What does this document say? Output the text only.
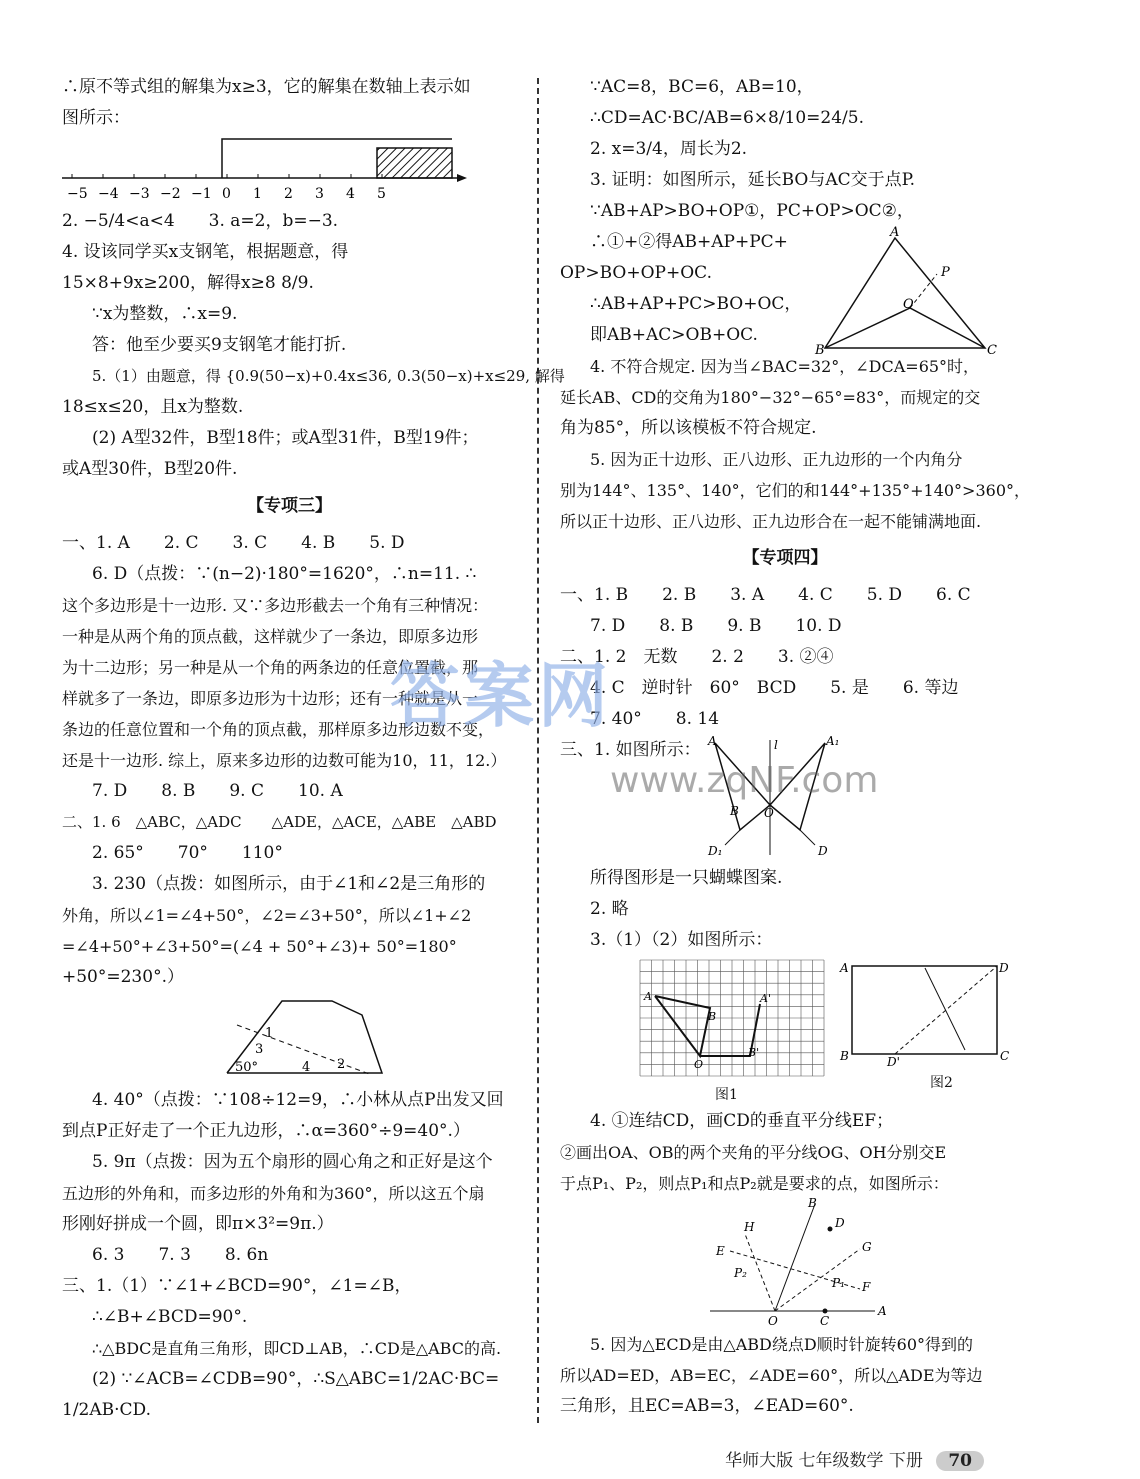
∴原不等式组的解集为x≥3，它的解集在数轴上表示如
图所示：
−5 −4 −3 −2 −1 0 1 2 3 4 5
2. −5/4<a<4　　3. a=2，b=−3.
4. 设该同学买x支钢笔，根据题意，得
15×8+9x≥200，解得x≥8 8/9.
∵x为整数，∴x=9.
答：他至少要买9支钢笔才能打折.
5.（1）由题意，得 {0.9(50−x)+0.4x≤36, 0.3(50−x)+x≤29, 解得
18≤x≤20，且x为整数.
(2) A型32件，B型18件；或A型31件，B型19件；
或A型30件，B型20件.
【专项三】
一、1. A　　2. C　　3. C　　4. B　　5. D
6. D（点拨：∵(n−2)·180°=1620°，∴n=11. ∴
这个多边形是十一边形. 又∵多边形截去一个角有三种情况：
一种是从两个角的顶点截，这样就少了一条边，即原多边形
为十二边形；另一种是从一个角的两条边的任意位置截，那
样就多了一条边，即原多边形为十边形；还有一种就是从一
条边的任意位置和一个角的顶点截，那样原多边形边数不变，
还是十一边形. 综上，原来多边形的边数可能为10，11，12.）
7. D　　8. B　　9. C　　10. A
二、1. 6　△ABC，△ADC　　△ADE，△ACE，△ABE　△ABD
2. 65°　　70°　　110°
3. 230（点拨：如图所示，由于∠1和∠2是三角形的
外角，所以∠1=∠4+50°，∠2=∠3+50°，所以∠1+∠2
=∠4+50°+∠3+50°=(∠4 + 50°+∠3)+ 50°=180°
+50°=230°.）
1
3
50°	4 2
4. 40°（点拨：∵108÷12=9，∴小林从点P出发又回
到点P正好走了一个正九边形，∴α=360°÷9=40°.）
5. 9π（点拨：因为五个扇形的圆心角之和正好是这个
五边形的外角和，而多边形的外角和为360°，所以这五个扇
形刚好拼成一个圆，即π×3²=9π.）
6. 3　　7. 3　　8. 6n
三、1.（1）∵∠1+∠BCD=90°，∠1=∠B，
∴∠B+∠BCD=90°.
∴△BDC是直角三角形，即CD⊥AB，∴CD是△ABC的高.
(2) ∵∠ACB=∠CDB=90°，∴S△ABC=1/2AC·BC=
1/2AB·CD.
∵AC=8，BC=6，AB=10，
∴CD=AC·BC/AB=6×8/10=24/5.
2. x=3/4，周长为2.
3. 证明：如图所示，延长BO与AC交于点P.
∵AB+AP>BO+OP①，PC+OP>OC②，
∴①+②得AB+AP+PC+
OP>BO+OP+OC.
∴AB+AP+PC>BO+OC，
即AB+AC>OB+OC.
A
P
O
B	C
4. 不符合规定. 因为当∠BAC=32°，∠DCA=65°时，
延长AB、CD的交角为180°−32°−65°=83°，而规定的交
角为85°，所以该模板不符合规定.
5. 因为正十边形、正八边形、正九边形的一个内角分
别为144°、135°、140°，它们的和144°+135°+140°>360°，
所以正十边形、正八边形、正九边形合在一起不能铺满地面.
【专项四】
一、1. B　　2. B　　3. A　　4. C　　5. D　　6. C
7. D　　8. B　　9. B　　10. D
二、1. 2　无数　　2. 2　　3. ②④
4. C　逆时针　60°　BCD　　5. 是　　6. 等边
7. 40°　　8. 14
三、1. 如图所示： A	A₁
l
B O
D₁	D
所得图形是一只蝴蝶图案.
2. 略
3.（1）（2）如图所示：
A
B
O
A'
B'
图1
A	D
B	D'	C
图2
4. ①连结CD，画CD的垂直平分线EF；
②画出OA、OB的两个夹角的平分线OG、OH分别交E
于点P₁、P₂，则点P₁和点P₂就是要求的点，如图所示：
B
D
G
F
A
C
O
H
E
P₂
P₁
5. 因为△ECD是由△ABD绕点D顺时针旋转60°得到的
所以AD=ED，AB=EC，∠ADE=60°，所以△ADE为等边
三角形，且EC=AB=3，∠EAD=60°.
答案网
www.zqNF.com
华师大版 七年级数学 下册 70
